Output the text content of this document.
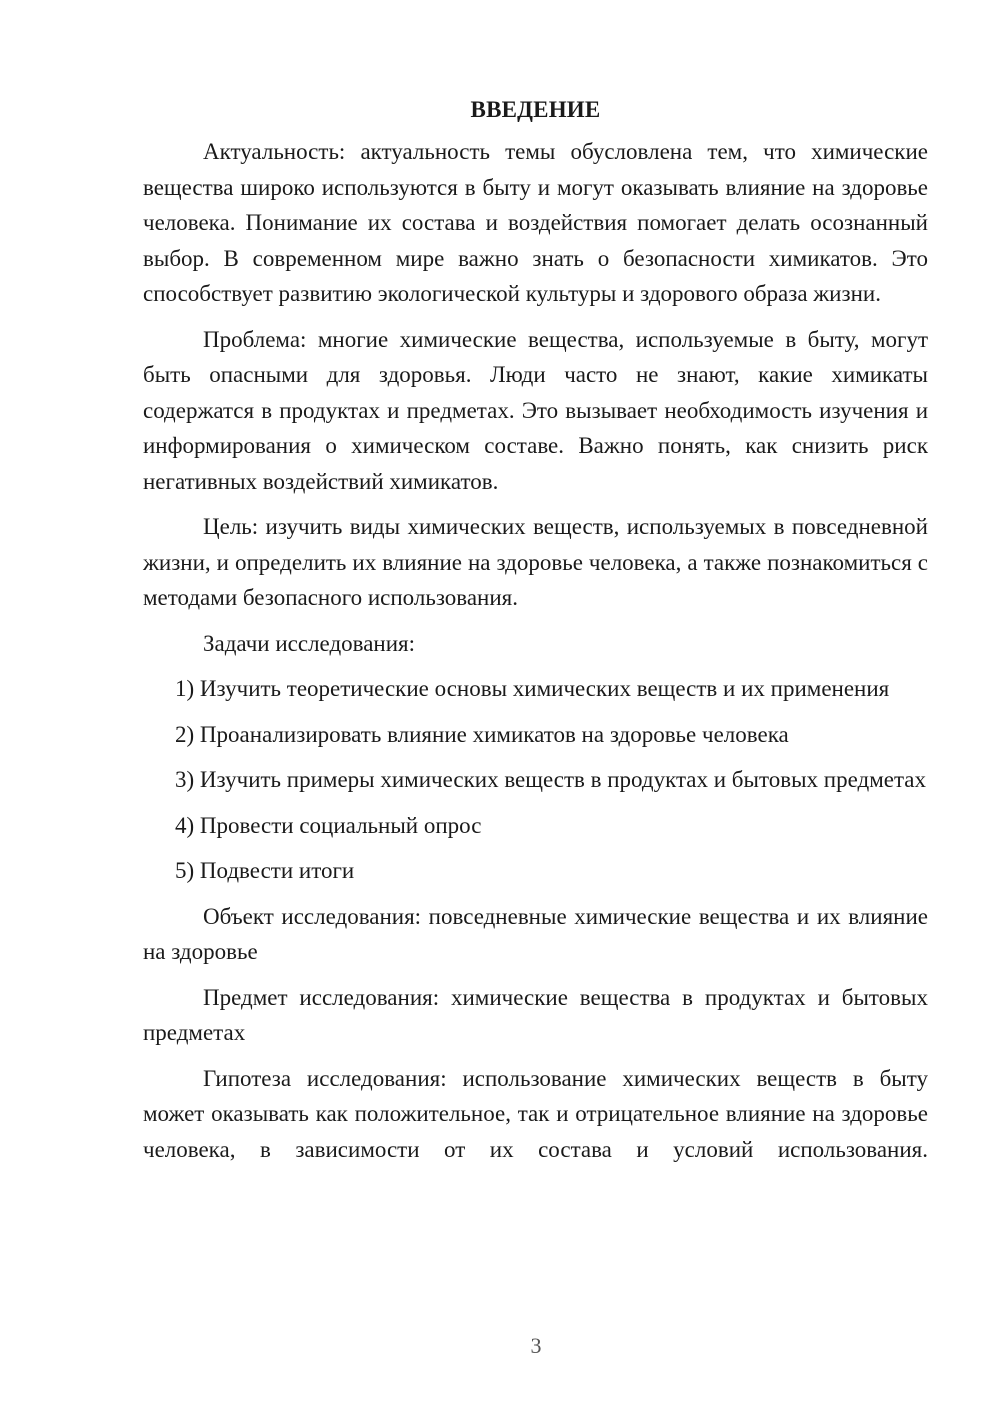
ВВЕДЕНИЕ

Актуальность: актуальность темы обусловлена тем, что химические вещества широко используются в быту и могут оказывать влияние на здоровье человека. Понимание их состава и воздействия помогает делать осознанный выбор. В современном мире важно знать о безопасности химикатов. Это способствует развитию экологической культуры и здорового образа жизни.

Проблема: многие химические вещества, используемые в быту, могут быть опасными для здоровья. Люди часто не знают, какие химикаты содержатся в продуктах и предметах. Это вызывает необходимость изучения и информирования о химическом составе. Важно понять, как снизить риск негативных воздействий химикатов.

Цель: изучить виды химических веществ, используемых в повседневной жизни, и определить их влияние на здоровье человека, а также познакомиться с методами безопасного использования.

Задачи исследования:

1) Изучить теоретические основы химических веществ и их применения

2) Проанализировать влияние химикатов на здоровье человека

3) Изучить примеры химических веществ в продуктах и бытовых предметах

4) Провести социальный опрос

5) Подвести итоги

Объект исследования: повседневные химические вещества и их влияние на здоровье

Предмет исследования: химические вещества в продуктах и бытовых предметах

Гипотеза исследования: использование химических веществ в быту может оказывать как положительное, так и отрицательное влияние на здоровье человека, в зависимости от их состава и условий использования.

3
